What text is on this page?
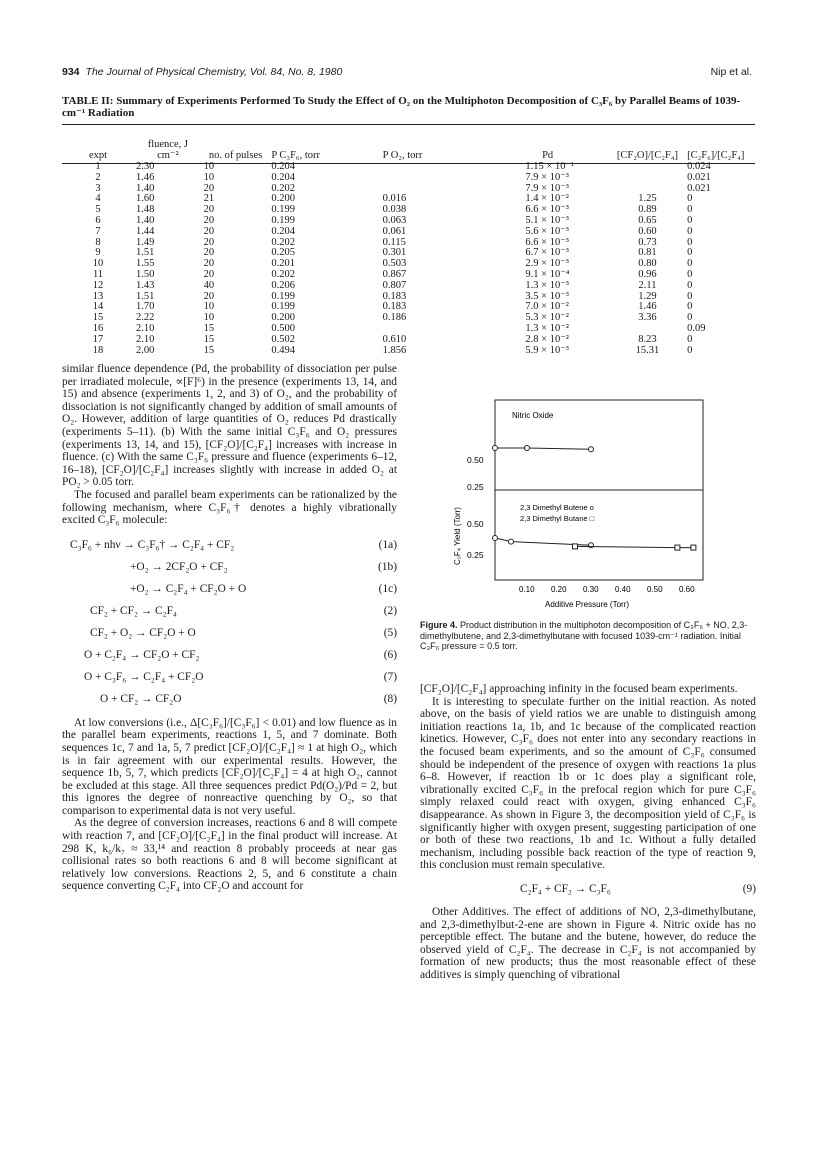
934 The Journal of Physical Chemistry, Vol. 84, No. 8, 1980	Nip et al.
TABLE II: Summary of Experiments Performed To Study the Effect of O₂ on the Multiphoton Decomposition of C₃F₆ by Parallel Beams of 1039-cm⁻¹ Radiation
expt	fluence, J cm⁻²	no. of pulses	P C₃F₆, torr	P O₂, torr	Pd	[CF₂O]/[C₂F₄]	[C₂F₆]/[C₂F₄]
1	2.30	10	0.204		1.15 × 10⁻¹		0.024
2	1.46	10	0.204		7.9 × 10⁻³		0.021
3	1.40	20	0.202		7.9 × 10⁻³		0.021
4	1.60	21	0.200	0.016	1.4 × 10⁻²	1.25	0
5	1.48	20	0.199	0.038	6.6 × 10⁻³	0.89	0
6	1.40	20	0.199	0.063	5.1 × 10⁻³	0.65	0
7	1.44	20	0.204	0.061	5.6 × 10⁻³	0.60	0
8	1.49	20	0.202	0.115	6.6 × 10⁻³	0.73	0
9	1.51	20	0.205	0.301	6.7 × 10⁻³	0.81	0
10	1.55	20	0.201	0.503	2.9 × 10⁻³	0.80	0
11	1.50	20	0.202	0.867	9.1 × 10⁻⁴	0.96	0
12	1.43	40	0.206	0.807	1.3 × 10⁻³	2.11	0
13	1.51	20	0.199	0.183	3.5 × 10⁻³	1.29	0
14	1.70	10	0.199	0.183	7.0 × 10⁻²	1.46	0
15	2.22	10	0.200	0.186	5.3 × 10⁻²	3.36	0
16	2.10	15	0.500		1.3 × 10⁻²		0.09
17	2.10	15	0.502	0.610	2.8 × 10⁻²	8.23	0
18	2.00	15	0.494	1.856	5.9 × 10⁻³	15.31	0

similar fluence dependence (Pd, the probability of dissociation per pulse per irradiated molecule, ∝[F]⁶) in the presence (experiments 13, 14, and 15) and absence (experiments 1, 2, and 3) of O₂, and the probability of dissociation is not significantly changed by addition of small amounts of O₂. However, addition of large quantities of O₂ reduces Pd drastically (experiments 5–11). (b) With the same initial C₃F₆ and O₂ pressures (experiments 13, 14, and 15), [CF₂O]/[C₂F₄] increases with increase in fluence. (c) With the same C₃F₆ pressure and fluence (experiments 6–12, 16–18), [CF₂O]/[C₂F₄] increases slightly with increase in added O₂ at PO₂ > 0.05 torr.

The focused and parallel beam experiments can be rationalized by the following mechanism, where C₃F₆† denotes a highly vibrationally excited C₃F₆ molecule:

C₃F₆ + nhν → C₃F₆† → C₂F₄ + CF₂	(1a)
+O₂ → 2CF₂O + CF₂	(1b)
+O₂ → C₂F₄ + CF₂O + O	(1c)
CF₂ + CF₂ → C₂F₄	(2)
CF₂ + O₂ → CF₂O + O	(5)
O + C₂F₄ → CF₂O + CF₂	(6)
O + C₃F₆ → C₂F₄ + CF₂O	(7)
O + CF₂ → CF₂O	(8)

At low conversions (i.e., Δ[C₃F₆]/[C₃F₆] < 0.01) and low fluence as in the parallel beam experiments, reactions 1, 5, and 7 dominate. Both sequences 1c, 7 and 1a, 5, 7 predict [CF₂O]/[C₂F₄] ≈ 1 at high O₂, which is in fair agreement with our experimental results. However, the sequence 1b, 5, 7, which predicts [CF₂O]/[C₂F₄] = 4 at high O₂, cannot be excluded at this stage. All three sequences predict Pd(O₂)/Pd = 2, but this ignores the degree of nonreactive quenching by O₂, so that comparison to experimental data is not very useful.

As the degree of conversion increases, reactions 6 and 8 will compete with reaction 7, and [CF₂O]/[C₂F₄] in the final product will increase. At 298 K, k₆/k₇ ≈ 33,¹⁴ and reaction 8 probably proceeds at near gas collisional rates so both reactions 6 and 8 will become significant at relatively low conversions. Reactions 2, 5, and 6 constitute a chain sequence converting C₂F₄ into CF₂O and account for

Nitric Oxide
0.50
0.25
2,3 Dimethyl Butene o
2,3 Dimethyl Butane □
0.50
0.25
C₂F₄ Yield (Torr)
0.10 0.20 0.30 0.40 0.50 0.60
Additive Pressure (Torr)
Figure 4. Product distribution in the multiphoton decomposition of C₃F₆ + NO, 2,3-dimethylbutene, and 2,3-dimethylbutane with focused 1039-cm⁻¹ radiation. Initial C₃F₆ pressure = 0.5 torr.

[CF₂O]/[C₂F₄] approaching infinity in the focused beam experiments.

It is interesting to speculate further on the initial reaction. As noted above, on the basis of yield ratios we are unable to distinguish among initiation reactions 1a, 1b, and 1c because of the complicated reaction kinetics. However, C₃F₆ does not enter into any secondary reactions in the focused beam experiments, and so the amount of C₃F₆ consumed should be independent of the presence of oxygen with reactions 1a plus 6–8. However, if reaction 1b or 1c does play a significant role, vibrationally excited C₃F₆ in the prefocal region which for pure C₃F₆ simply relaxed could react with oxygen, giving enhanced C₃F₆ disappearance. As shown in Figure 3, the decomposition yield of C₃F₆ is significantly higher with oxygen present, suggesting participation of one or both of these two reactions, 1b and 1c. Without a fully detailed mechanism, including possible back reaction of the type of reaction 9, this conclusion must remain speculative.

C₂F₄ + CF₂ → C₃F₆	(9)

Other Additives. The effect of additions of NO, 2,3-dimethylbutane, and 2,3-dimethylbut-2-ene are shown in Figure 4. Nitric oxide has no perceptible effect. The butane and the butene, however, do reduce the observed yield of C₂F₄. The decrease in C₂F₄ is not accompanied by formation of new products; thus the most reasonable effect of these additives is simply quenching of vibrational
